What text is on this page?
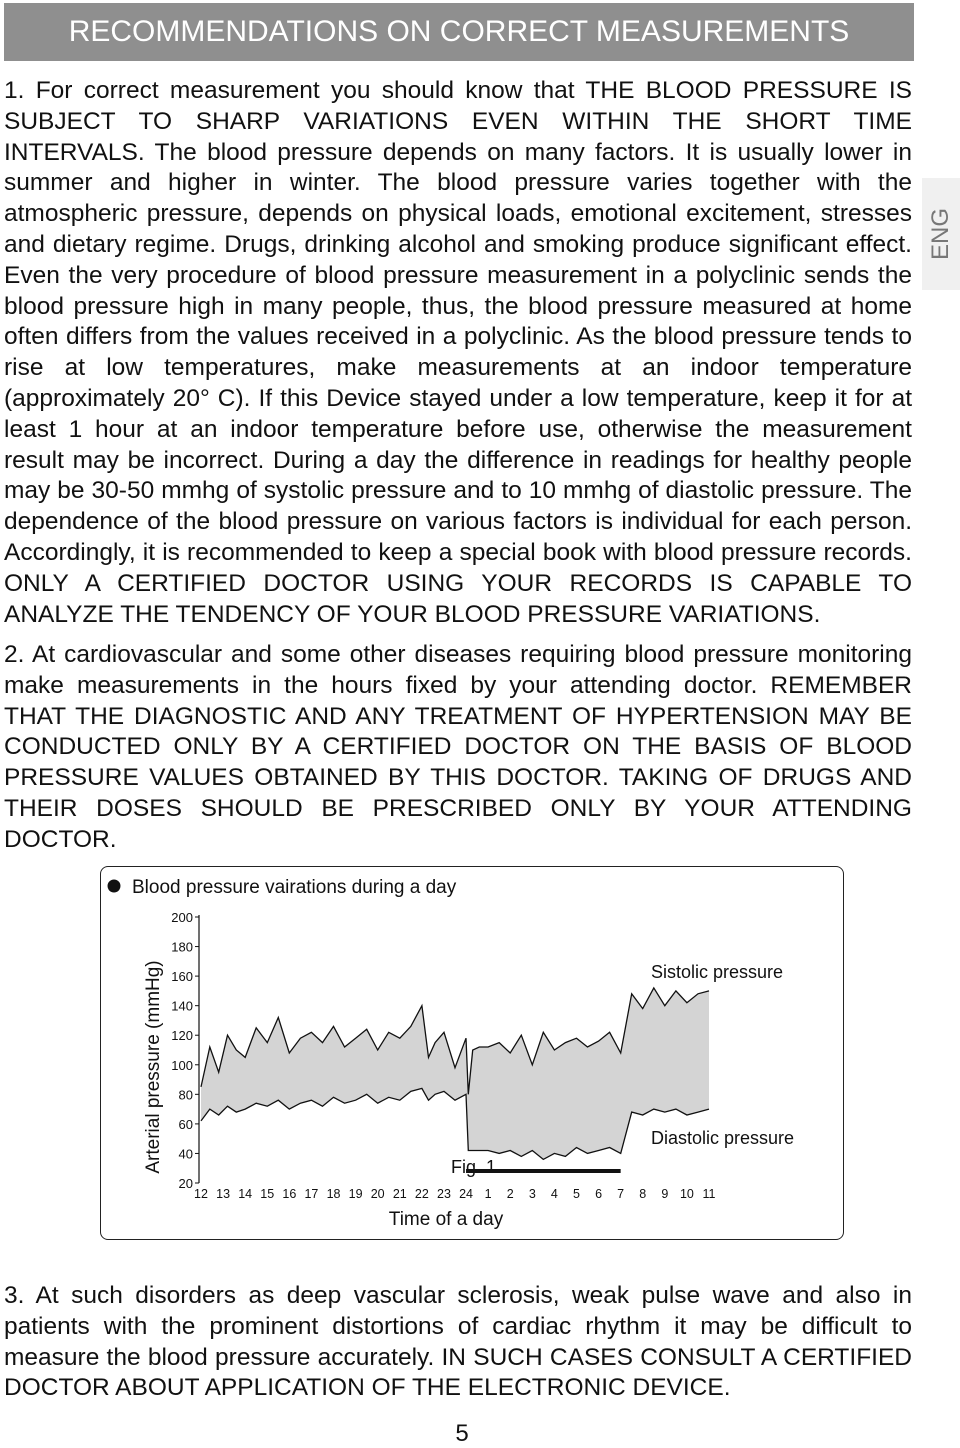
RECOMMENDATIONS ON CORRECT MEASUREMENTS
ENG

1. For correct measurement you should know that THE BLOOD PRESSURE IS SUBJECT TO SHARP VARIATIONS EVEN WITHIN THE SHORT TIME INTERVALS. The blood pressure depends on many factors. It is usually lower in summer and higher in winter. The blood pressure varies together with the atmospheric pressure, depends on physical loads, emotional excitement, stresses and dietary regime. Drugs, drinking alcohol and smoking produce significant effect. Even the very procedure of blood pressure measurement in a polyclinic sends the blood pressure high in many people, thus, the blood pressure measured at home often differs from the values received in a polyclinic. As the blood pressure tends to rise at low temperatures, make measurements at an indoor temperature (approximately 20° C). If this Device stayed under a low temperature, keep it for at least 1 hour at an indoor temperature before use, otherwise the measurement result may be incorrect. During a day the difference in readings for healthy people may be 30-50 mmhg of systolic pressure and to 10 mmhg of diastolic pressure. The dependence of the blood pressure on various factors is individual for each person. Accordingly, it is recommended to keep a special book with blood pressure records. ONLY A CERTIFIED DOCTOR USING YOUR RECORDS IS CAPABLE TO ANALYZE THE TENDENCY OF YOUR BLOOD PRESSURE VARIATIONS.

2. At cardiovascular and some other diseases requiring blood pressure monitoring make measurements in the hours fixed by your attending doctor. REMEMBER THAT THE DIAGNOSTIC AND ANY TREATMENT OF HYPERTENSION MAY BE CONDUCTED ONLY BY A CERTIFIED DOCTOR ON THE BASIS OF BLOOD PRESSURE VALUES OBTAINED BY THIS DOCTOR. TAKING OF DRUGS AND THEIR DOSES SHOULD BE PRESCRIBED ONLY BY YOUR ATTENDING DOCTOR.

Blood pressure vairations during a day
Arterial pressure (mmHg)
Time of a day
Sistolic pressure
Diastolic pressure
Fig. 1
20
40
60
80
100
120
140
160
180
200
12 13 14 15 16 17 18 19 20 21 22 23 24 1 2 3 4 5 6 7 8 9 10 11

3. At such disorders as deep vascular sclerosis, weak pulse wave and also in patients with the prominent distortions of cardiac rhythm it may be difficult to measure the blood pressure accurately. IN SUCH CASES CONSULT A CERTIFIED DOCTOR ABOUT APPLICATION OF THE ELECTRONIC DEVICE.

5
